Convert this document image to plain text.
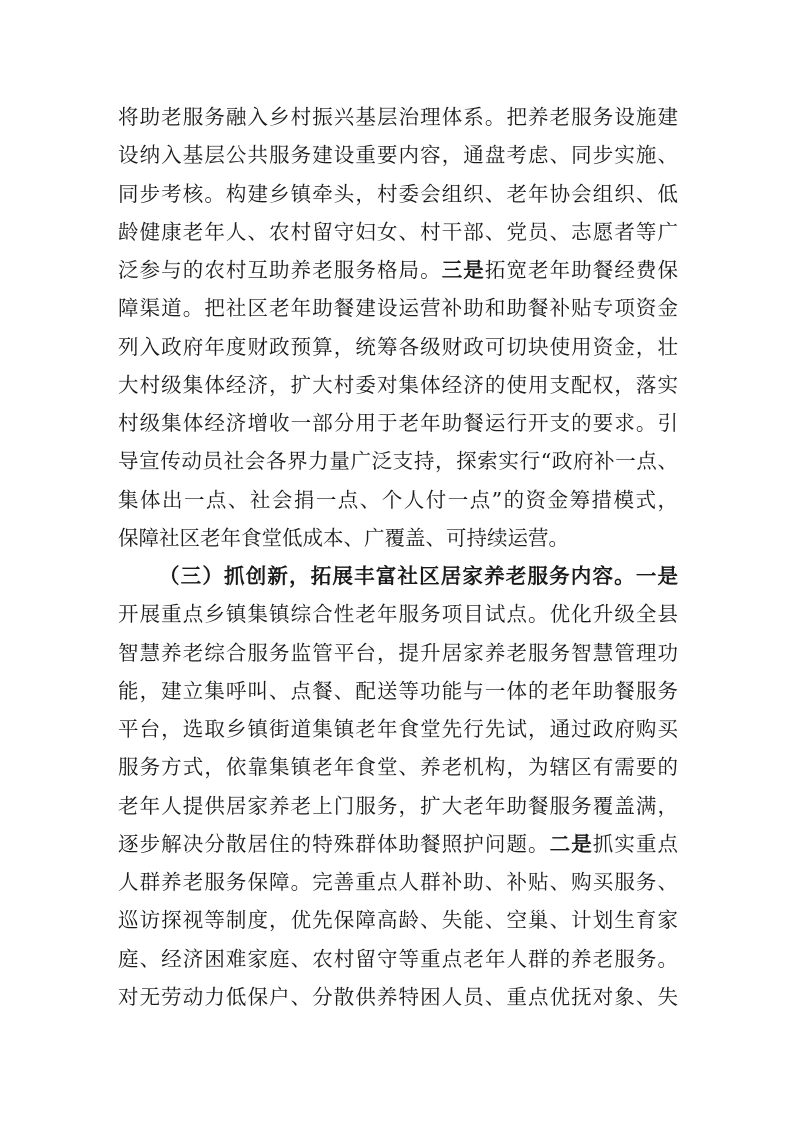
将助老服务融入乡村振兴基层治理体系。把养老服务设施建
设纳入基层公共服务建设重要内容，通盘考虑、同步实施、
同步考核。构建乡镇牵头，村委会组织、老年协会组织、低
龄健康老年人、农村留守妇女、村干部、党员、志愿者等广
泛参与的农村互助养老服务格局。三是拓宽老年助餐经费保
障渠道。把社区老年助餐建设运营补助和助餐补贴专项资金
列入政府年度财政预算，统筹各级财政可切块使用资金，壮
大村级集体经济，扩大村委对集体经济的使用支配权，落实
村级集体经济增收一部分用于老年助餐运行开支的要求。引
导宣传动员社会各界力量广泛支持，探索实行“政府补一点、
集体出一点、社会捐一点、个人付一点”的资金筹措模式，
保障社区老年食堂低成本、广覆盖、可持续运营。
（三）抓创新，拓展丰富社区居家养老服务内容。一是
开展重点乡镇集镇综合性老年服务项目试点。优化升级全县
智慧养老综合服务监管平台，提升居家养老服务智慧管理功
能，建立集呼叫、点餐、配送等功能与一体的老年助餐服务
平台，选取乡镇街道集镇老年食堂先行先试，通过政府购买
服务方式，依靠集镇老年食堂、养老机构，为辖区有需要的
老年人提供居家养老上门服务，扩大老年助餐服务覆盖满，
逐步解决分散居住的特殊群体助餐照护问题。二是抓实重点
人群养老服务保障。完善重点人群补助、补贴、购买服务、
巡访探视等制度，优先保障高龄、失能、空巢、计划生育家
庭、经济困难家庭、农村留守等重点老年人群的养老服务。
对无劳动力低保户、分散供养特困人员、重点优抚对象、失
